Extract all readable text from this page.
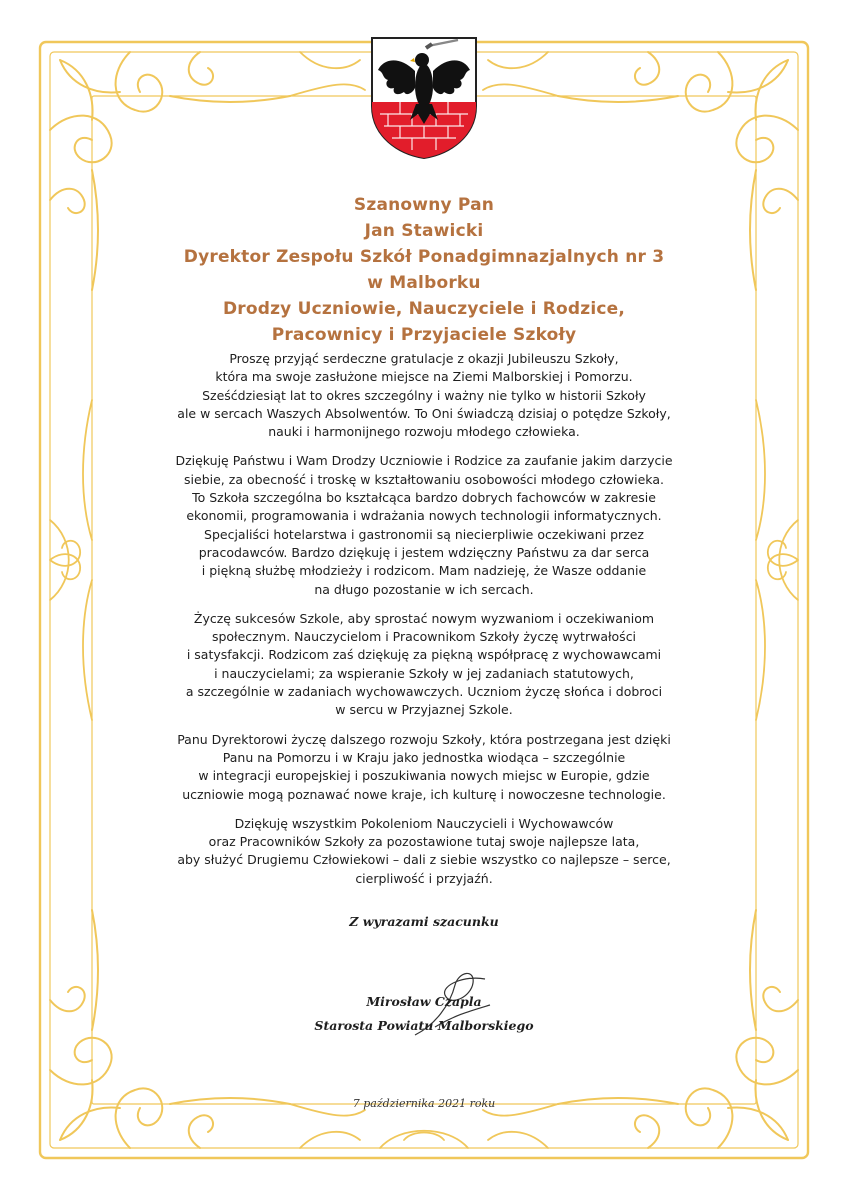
Szanowny Pan
Jan Stawicki
Dyrektor Zespołu Szkół Ponadgimnazjalnych nr 3
w Malborku
Drodzy Uczniowie, Nauczyciele i Rodzice,
Pracownicy i Przyjaciele Szkoły
Proszę przyjąć serdeczne gratulacje z okazji Jubileuszu Szkoły,
która ma swoje zasłużone miejsce na Ziemi Malborskiej i Pomorzu.
Sześćdziesiąt lat to okres szczególny i ważny nie tylko w historii Szkoły
ale w sercach Waszych Absolwentów. To Oni świadczą dzisiaj o potędze Szkoły,
nauki i harmonijnego rozwoju młodego człowieka.
Dziękuję Państwu i Wam Drodzy Uczniowie i Rodzice za zaufanie jakim darzycie
siebie, za obecność i troskę w kształtowaniu osobowości młodego człowieka.
To Szkoła szczególna bo kształcąca bardzo dobrych fachowców w zakresie
ekonomii, programowania i wdrażania nowych technologii informatycznych.
Specjaliści hotelarstwa i gastronomii są niecierpliwie oczekiwani przez
pracodawców. Bardzo dziękuję i jestem wdzięczny Państwu za dar serca
i piękną służbę młodzieży i rodzicom. Mam nadzieję, że Wasze oddanie
na długo pozostanie w ich sercach.
Życzę sukcesów Szkole, aby sprostać nowym wyzwaniom i oczekiwaniom
społecznym. Nauczycielom i Pracownikom Szkoły życzę wytrwałości
i satysfakcji. Rodzicom zaś dziękuję za piękną współpracę z wychowawcami
i nauczycielami; za wspieranie Szkoły w jej zadaniach statutowych,
a szczególnie w zadaniach wychowawczych. Uczniom życzę słońca i dobroci
w sercu w Przyjaznej Szkole.
Panu Dyrektorowi życzę dalszego rozwoju Szkoły, która postrzegana jest dzięki
Panu na Pomorzu i w Kraju jako jednostka wiodąca – szczególnie
w integracji europejskiej i poszukiwania nowych miejsc w Europie, gdzie
uczniowie mogą poznawać nowe kraje, ich kulturę i nowoczesne technologie.
Dziękuję wszystkim Pokoleniom Nauczycieli i Wychowawców
oraz Pracowników Szkoły za pozostawione tutaj swoje najlepsze lata,
aby służyć Drugiemu Człowiekowi – dali z siebie wszystko co najlepsze – serce,
cierpliwość i przyjaźń.
Z wyrazami szacunku
Mirosław Czapla
Starosta Powiatu Malborskiego
7 października 2021 roku
